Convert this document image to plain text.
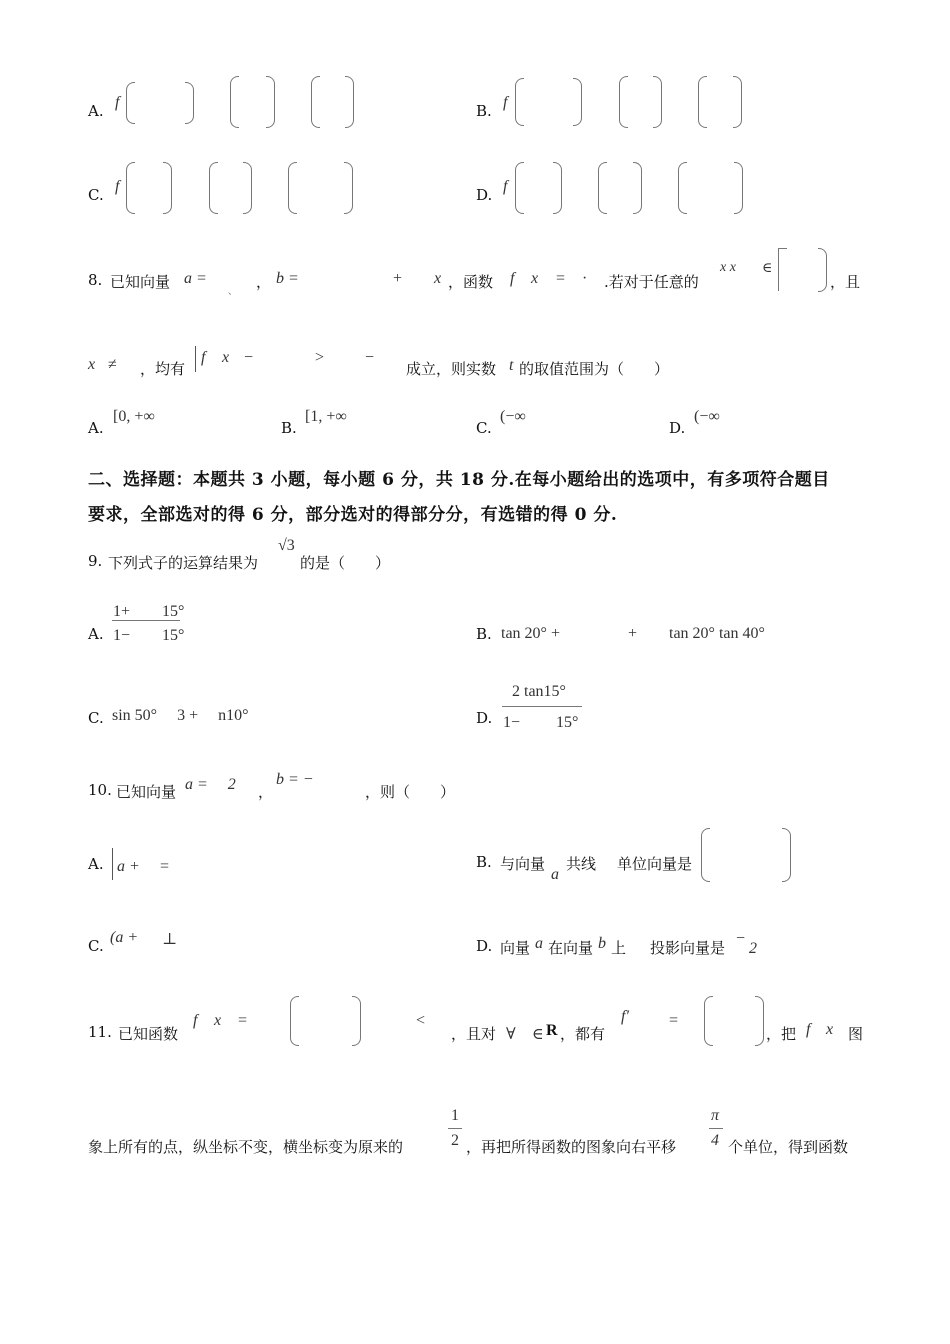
A. f	B. f
C. f	D. f
8. 已知向量 a =
、
， b =	+ x ，函数 f x = · .若对于任意的
x x ∈
，且
x ≠ ，均有
f x −	>	−
成立，则实数 t 的取值范围为（　　）
A.
[0, +∞
B.
[1, +∞
C.
(−∞
D.
(−∞
二、选择题：本题共 3 小题，每小题 6 分，共 18 分.在每小题给出的选项中，有多项符合题目
要求，全部选对的得 6 分，部分选对的得部分分，有选错的得 0 分.
9. 下列式子的运算结果为
√3
的是（　　）
A.
1+　　15°
1−　　15°	B. tan 20° +　　　　 +　　tan 20° tan 40°
C. sin 50°　 3 +　 n10°	D.
2 tan15°
1−　　 15°
10. 已知向量 a =　 2 ，
b = −
，则（　　）
A. a + =	B. 与向量
a
共线 单位向量是
C. (a + ⊥	D. 向量 a 在向量 b 上 投影向量是
−
2
11. 已知函数
f x =	<
，且对 ∀ ∈ R ，都有
f′	=
，把 f x 图
象上所有的点，纵坐标不变，横坐标变为原来的
1
2 ，再把所得函数的图象向右平移
π
4 个单位，得到函数
